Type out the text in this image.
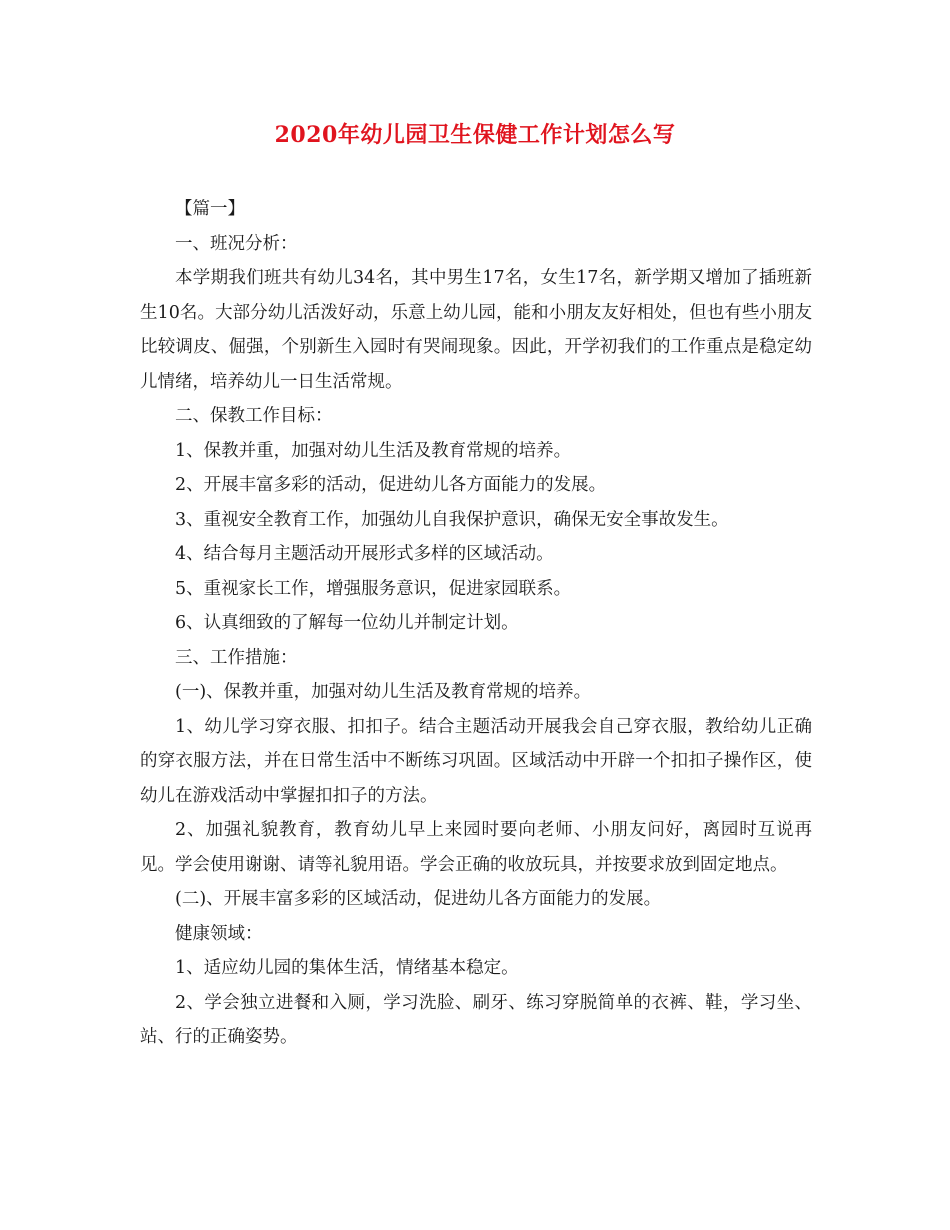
2020年幼儿园卫生保健工作计划怎么写

【篇一】

一、班况分析：

本学期我们班共有幼儿34名，其中男生17名，女生17名，新学期又增加了插班新生10名。大部分幼儿活泼好动，乐意上幼儿园，能和小朋友友好相处，但也有些小朋友比较调皮、倔强，个别新生入园时有哭闹现象。因此，开学初我们的工作重点是稳定幼儿情绪，培养幼儿一日生活常规。

二、保教工作目标：

1、保教并重，加强对幼儿生活及教育常规的培养。

2、开展丰富多彩的活动，促进幼儿各方面能力的发展。

3、重视安全教育工作，加强幼儿自我保护意识，确保无安全事故发生。

4、结合每月主题活动开展形式多样的区域活动。

5、重视家长工作，增强服务意识，促进家园联系。

6、认真细致的了解每一位幼儿并制定计划。

三、工作措施：

(一)、保教并重，加强对幼儿生活及教育常规的培养。

1、幼儿学习穿衣服、扣扣子。结合主题活动开展我会自己穿衣服，教给幼儿正确的穿衣服方法，并在日常生活中不断练习巩固。区域活动中开辟一个扣扣子操作区，使幼儿在游戏活动中掌握扣扣子的方法。

2、加强礼貌教育，教育幼儿早上来园时要向老师、小朋友问好，离园时互说再见。学会使用谢谢、请等礼貌用语。学会正确的收放玩具，并按要求放到固定地点。

(二)、开展丰富多彩的区域活动，促进幼儿各方面能力的发展。

健康领域：

1、适应幼儿园的集体生活，情绪基本稳定。

2、学会独立进餐和入厕，学习洗脸、刷牙、练习穿脱简单的衣裤、鞋，学习坐、站、行的正确姿势。
